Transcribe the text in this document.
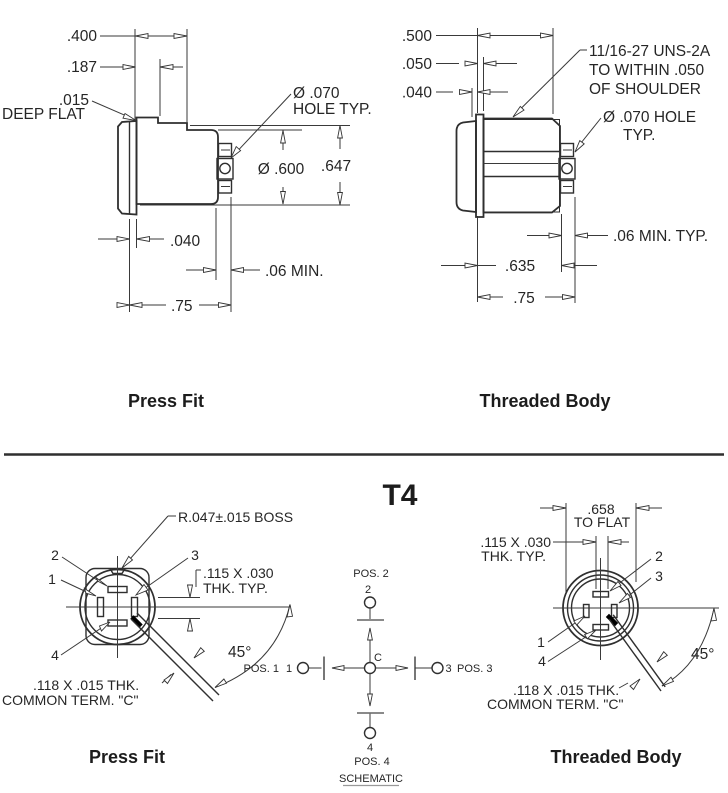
.400
.187
.015
DEEP FLAT
Ø .070
HOLE TYP.
Ø .600 .647
.040
.06 MIN.
.75
Press Fit
.500
.050
.040
11/16-27 UNS-2A
TO WITHIN .050
OF SHOULDER
Ø .070 HOLE
TYP.
.06 MIN. TYP.
.635
.75
Threaded Body
T4
R.047±.015 BOSS
2	3
1
4
.115 X .030
THK. TYP.
45°
.118 X .015 THK.
COMMON TERM. "C"
Press Fit
POS. 2
2
C
POS. 1 1	3 POS. 3
4
POS. 4
SCHEMATIC
.658
TO FLAT
.115 X .030
THK. TYP.	2
3
1
4	45°
.118 X .015 THK.
COMMON TERM. "C"
Threaded Body
